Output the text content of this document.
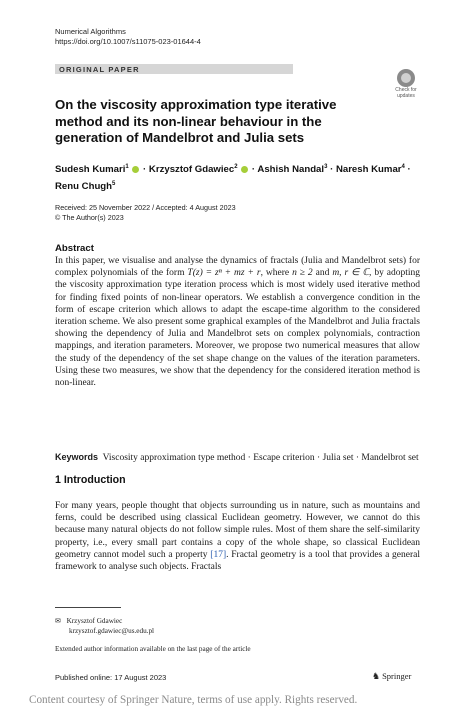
Numerical Algorithms
https://doi.org/10.1007/s11075-023-01644-4
ORIGINAL PAPER
Check for
updates
On the viscosity approximation type iterative method and its non-linear behaviour in the generation of Mandelbrot and Julia sets
Sudesh Kumari$^1$  · Krzysztof Gdawiec$^2$  · Ashish Nandal$^3$ · Naresh Kumar$^4$ ·
Renu Chugh$^5$
Received: 25 November 2022 / Accepted: 4 August 2023
© The Author(s) 2023
Abstract
In this paper, we visualise and analyse the dynamics of fractals (Julia and Mandelbrot sets) for complex polynomials of the form T(z) = zⁿ + mz + r, where n ≥ 2 and m, r ∈ ℂ, by adopting the viscosity approximation type iteration process which is most widely used iterative method for finding fixed points of non-linear operators. We establish a convergence condition in the form of escape criterion which allows to adapt the escape-time algorithm to the considered iteration scheme. We also present some graphical examples of the Mandelbrot and Julia fractals showing the dependency of Julia and Mandelbrot sets on complex polynomials, contraction mappings, and iteration parameters. Moreover, we propose two numerical measures that allow the study of the dependency of the set shape change on the values of the iteration parameters. Using these two measures, we show that the dependency for the considered iteration method is non-linear.
Keywords Viscosity approximation type method · Escape criterion · Julia set · Mandelbrot set
1 Introduction
For many years, people thought that objects surrounding us in nature, such as mountains and ferns, could be described using classical Euclidean geometry. However, we cannot do this because many natural objects do not follow simple rules. Most of them share the self-similarity property, i.e., every small part contains a copy of the whole shape, so classical Euclidean geometry cannot model such a property [17]. Fractal geometry is a tool that provides a general framework to analyse such objects. Fractals
✉ Krzysztof Gdawiec
krzysztof.gdawiec@us.edu.pl
Extended author information available on the last page of the article
Published online: 17 August 2023	♞ Springer
Content courtesy of Springer Nature, terms of use apply. Rights reserved.
